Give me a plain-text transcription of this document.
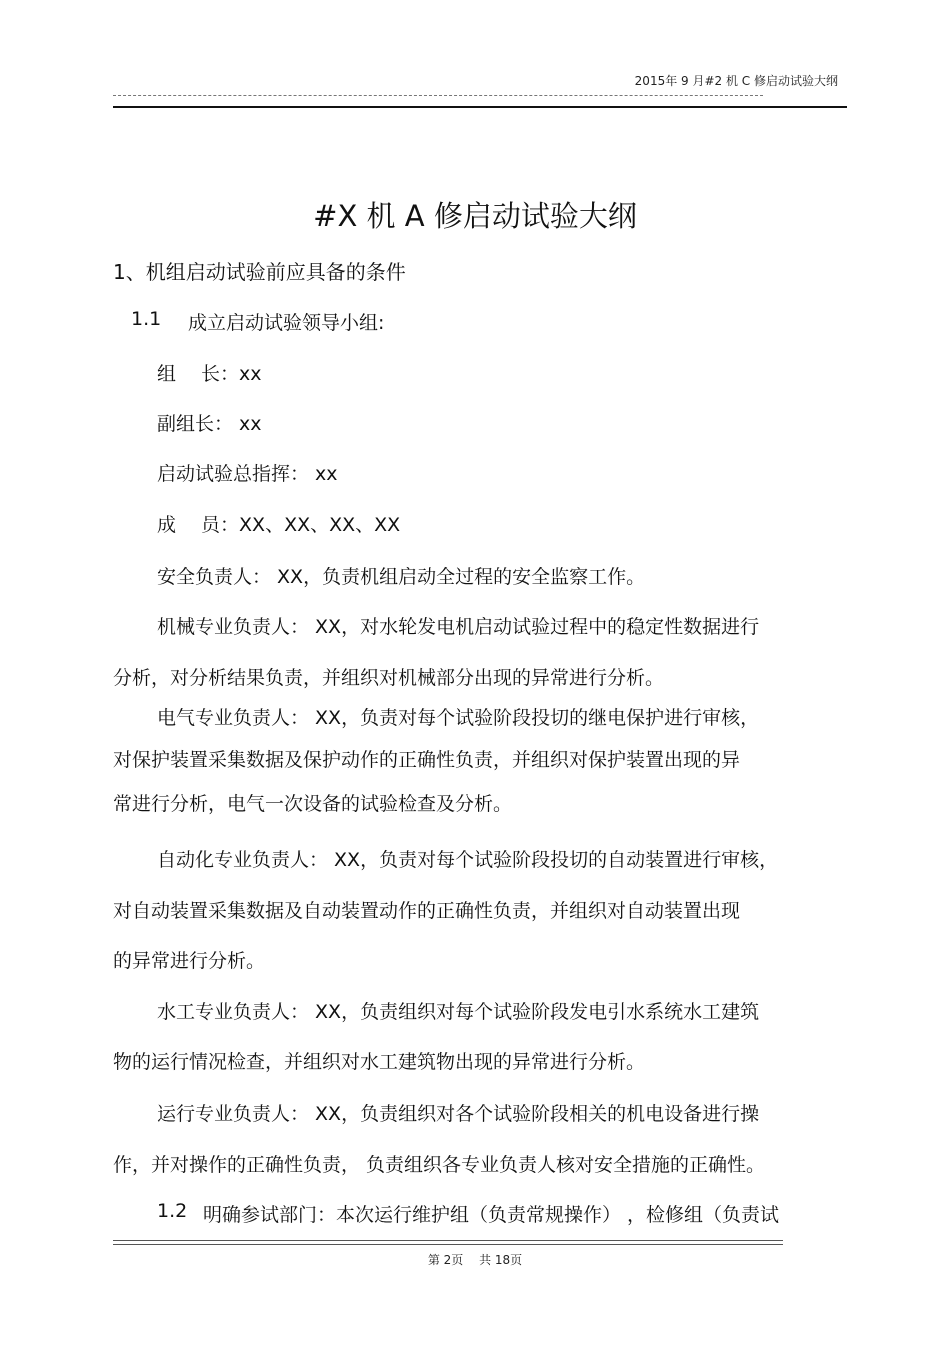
2015年 9 月#2 机 C 修启动试验大纲
#X 机 A 修启动试验大纲
1、机组启动试验前应具备的条件
1.1 成立启动试验领导小组:
组　 长：xx
副组长： xx
启动试验总指挥： xx
成　 员：XX、XX、XX、XX
安全负责人： XX，负责机组启动全过程的安全监察工作。
机械专业负责人： XX，对水轮发电机启动试验过程中的稳定性数据进行
分析，对分析结果负责，并组织对机械部分出现的异常进行分析。
电气专业负责人： XX，负责对每个试验阶段投切的继电保护进行审核，
对保护装置采集数据及保护动作的正确性负责，并组织对保护装置出现的异
常进行分析，电气一次设备的试验检查及分析。
自动化专业负责人： XX，负责对每个试验阶段投切的自动装置进行审核，
对自动装置采集数据及自动装置动作的正确性负责，并组织对自动装置出现
的异常进行分析。
水工专业负责人： XX，负责组织对每个试验阶段发电引水系统水工建筑
物的运行情况检查，并组织对水工建筑物出现的异常进行分析。
运行专业负责人： XX，负责组织对各个试验阶段相关的机电设备进行操
作，并对操作的正确性负责， 负责组织各专业负责人核对安全措施的正确性。
1.2 明确参试部门：本次运行维护组（负责常规操作） ，检修组（负责试
第 2页 共 18页
